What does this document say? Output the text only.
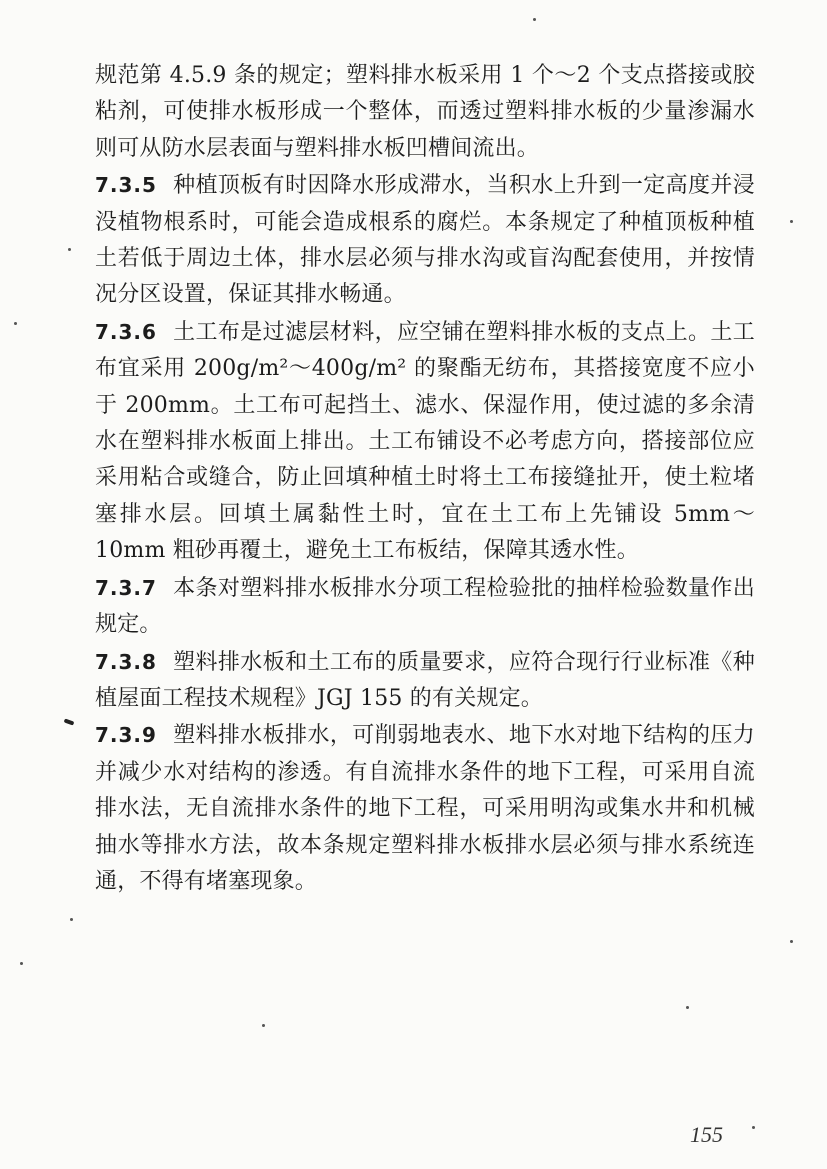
规范第 4.5.9 条的规定；塑料排水板采用 1 个～2 个支点搭接或胶粘剂，可使排水板形成一个整体，而透过塑料排水板的少量渗漏水则可从防水层表面与塑料排水板凹槽间流出。

7.3.5 种植顶板有时因降水形成滞水，当积水上升到一定高度并浸没植物根系时，可能会造成根系的腐烂。本条规定了种植顶板种植土若低于周边土体，排水层必须与排水沟或盲沟配套使用，并按情况分区设置，保证其排水畅通。

7.3.6 土工布是过滤层材料，应空铺在塑料排水板的支点上。土工布宜采用 200g/m²～400g/m² 的聚酯无纺布，其搭接宽度不应小于 200mm。土工布可起挡土、滤水、保湿作用，使过滤的多余清水在塑料排水板面上排出。土工布铺设不必考虑方向，搭接部位应采用粘合或缝合，防止回填种植土时将土工布接缝扯开，使土粒堵塞排水层。回填土属黏性土时，宜在土工布上先铺设 5mm～10mm 粗砂再覆土，避免土工布板结，保障其透水性。

7.3.7 本条对塑料排水板排水分项工程检验批的抽样检验数量作出规定。

7.3.8 塑料排水板和土工布的质量要求，应符合现行行业标准《种植屋面工程技术规程》JGJ 155 的有关规定。

7.3.9 塑料排水板排水，可削弱地表水、地下水对地下结构的压力并减少水对结构的渗透。有自流排水条件的地下工程，可采用自流排水法，无自流排水条件的地下工程，可采用明沟或集水井和机械抽水等排水方法，故本条规定塑料排水板排水层必须与排水系统连通，不得有堵塞现象。

155
